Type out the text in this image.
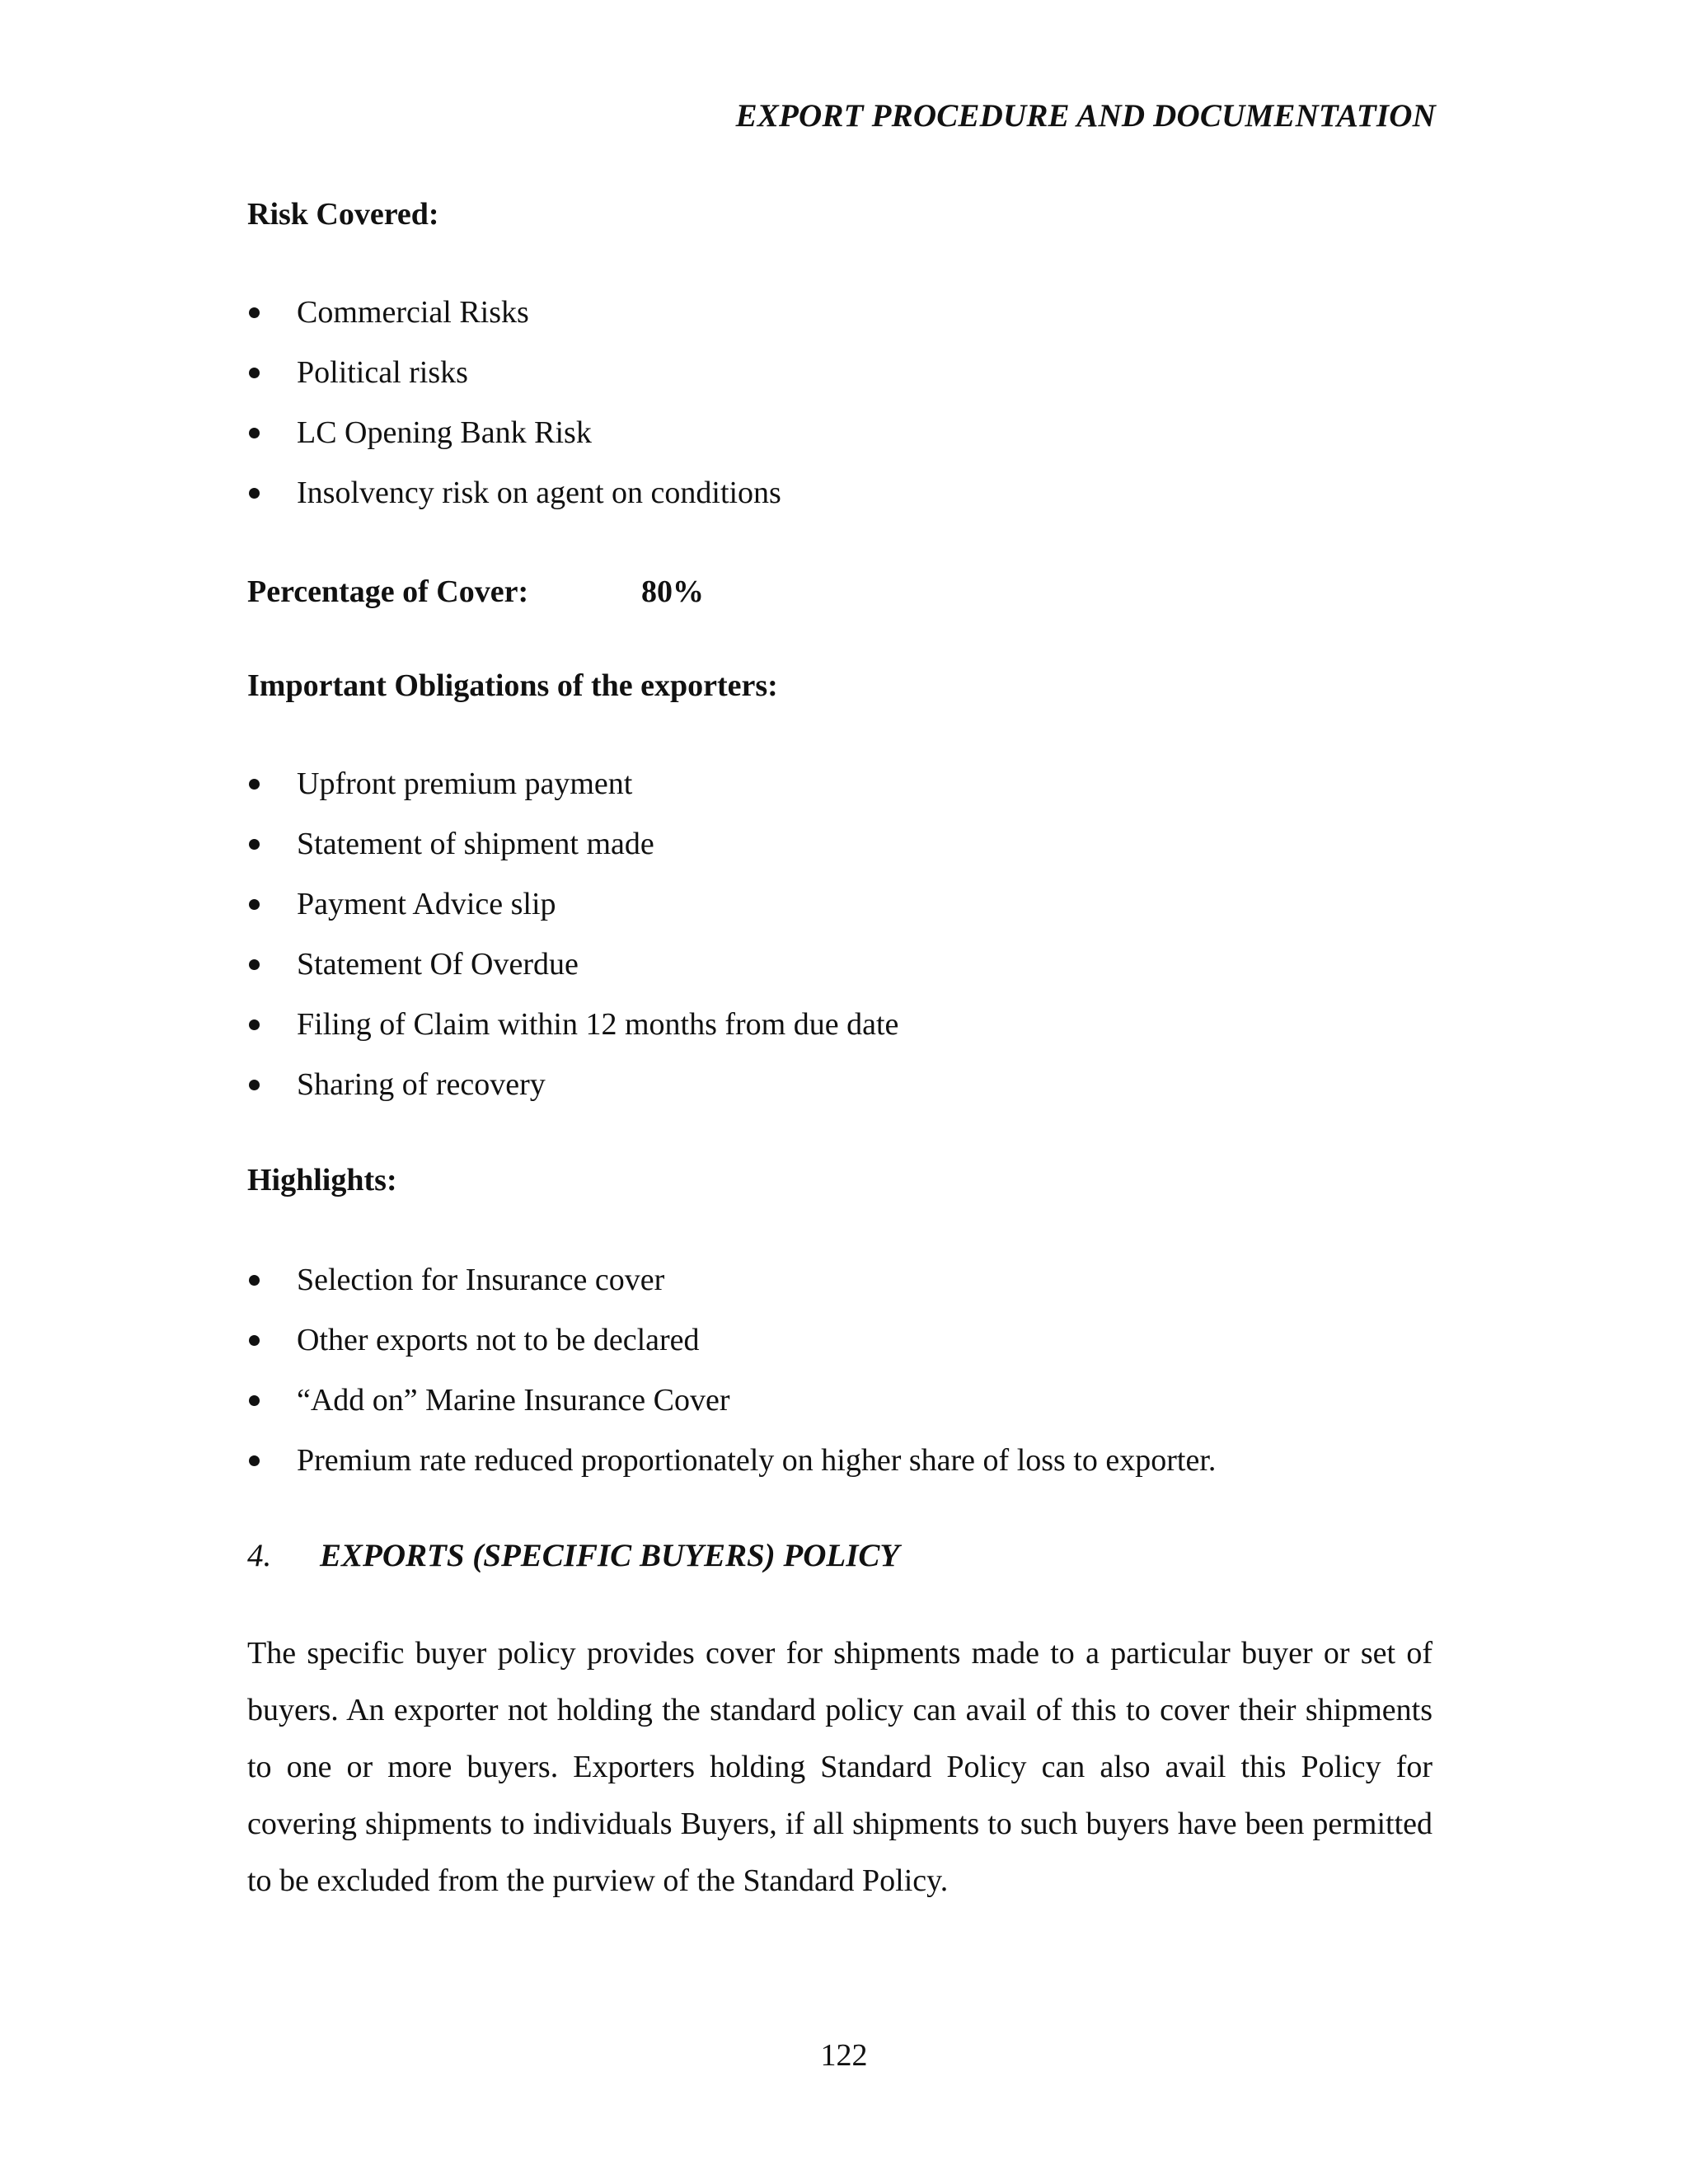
EXPORT PROCEDURE AND DOCUMENTATION
Risk Covered:
Commercial Risks
Political risks
LC Opening Bank Risk
Insolvency risk on agent on conditions
Percentage of Cover:	80%
Important Obligations of the exporters:
Upfront premium payment
Statement of shipment made
Payment Advice slip
Statement Of Overdue
Filing of Claim within 12 months from due date
Sharing of recovery
Highlights:
Selection for Insurance cover
Other exports not to be declared
“Add on” Marine Insurance Cover
Premium rate reduced proportionately on higher share of loss to exporter.
4. EXPORTS (SPECIFIC BUYERS) POLICY

The specific buyer policy provides cover for shipments made to a particular buyer or set of buyers. An exporter not holding the standard policy can avail of this to cover their shipments to one or more buyers. Exporters holding Standard Policy can also avail this Policy for covering shipments to individuals Buyers, if all shipments to such buyers have been permitted to be excluded from the purview of the Standard Policy.

122
